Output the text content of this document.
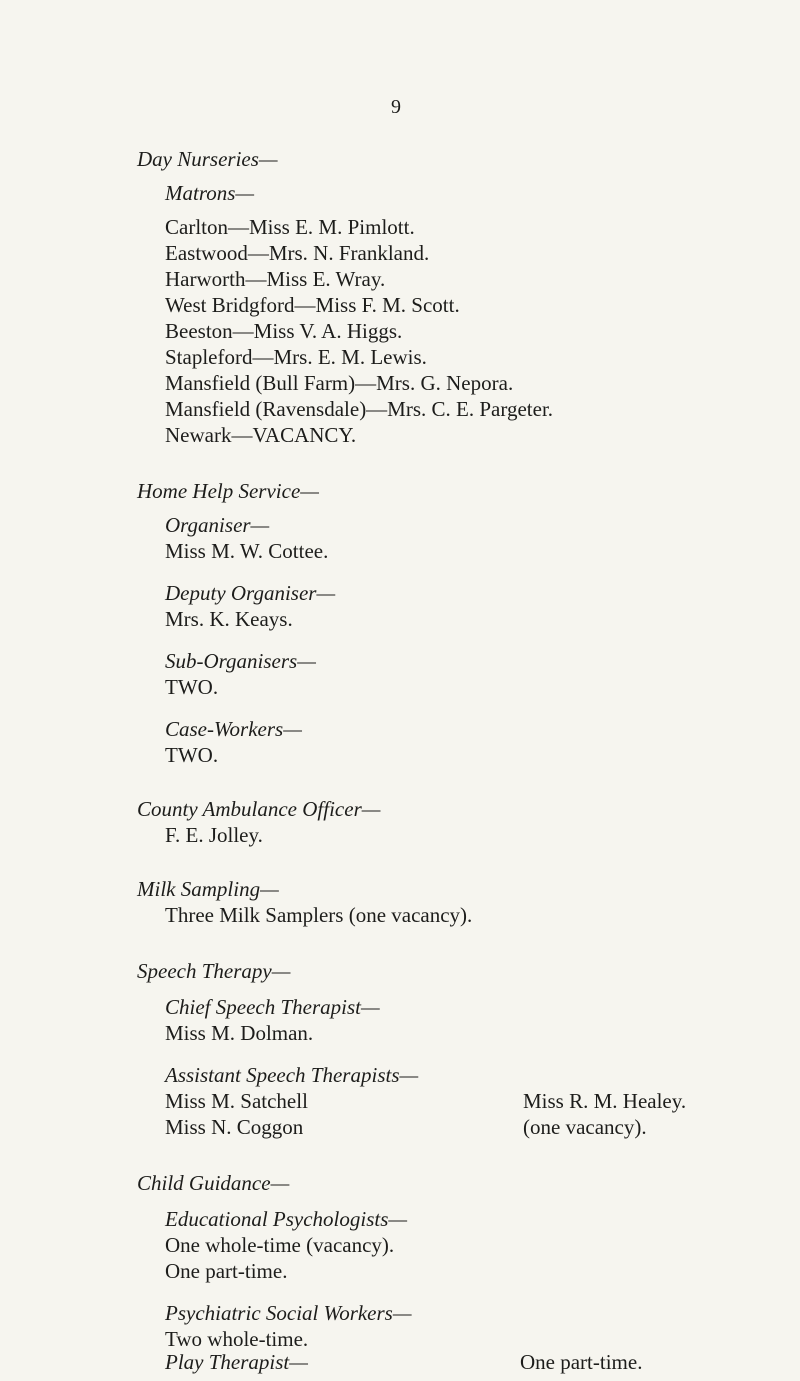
9
Day Nurseries—
Matrons—
Carlton—Miss E. M. Pimlott.
Eastwood—Mrs. N. Frankland.
Harworth—Miss E. Wray.
West Bridgford—Miss F. M. Scott.
Beeston—Miss V. A. Higgs.
Stapleford—Mrs. E. M. Lewis.
Mansfield (Bull Farm)—Mrs. G. Nepora.
Mansfield (Ravensdale)—Mrs. C. E. Pargeter.
Newark—VACANCY.
Home Help Service—
Organiser—
Miss M. W. Cottee.
Deputy Organiser—
Mrs. K. Keays.
Sub-Organisers—
TWO.
Case-Workers—
TWO.
County Ambulance Officer—
F. E. Jolley.
Milk Sampling—
Three Milk Samplers (one vacancy).
Speech Therapy—
Chief Speech Therapist—
Miss M. Dolman.
Assistant Speech Therapists—
Miss M. Satchell
Miss N. Coggon
Miss R. M. Healey.
(one vacancy).
Child Guidance—
Educational Psychologists—
One whole-time (vacancy).
One part-time.
Psychiatric Social Workers—
Two whole-time.
Play Therapist—	One part-time.
